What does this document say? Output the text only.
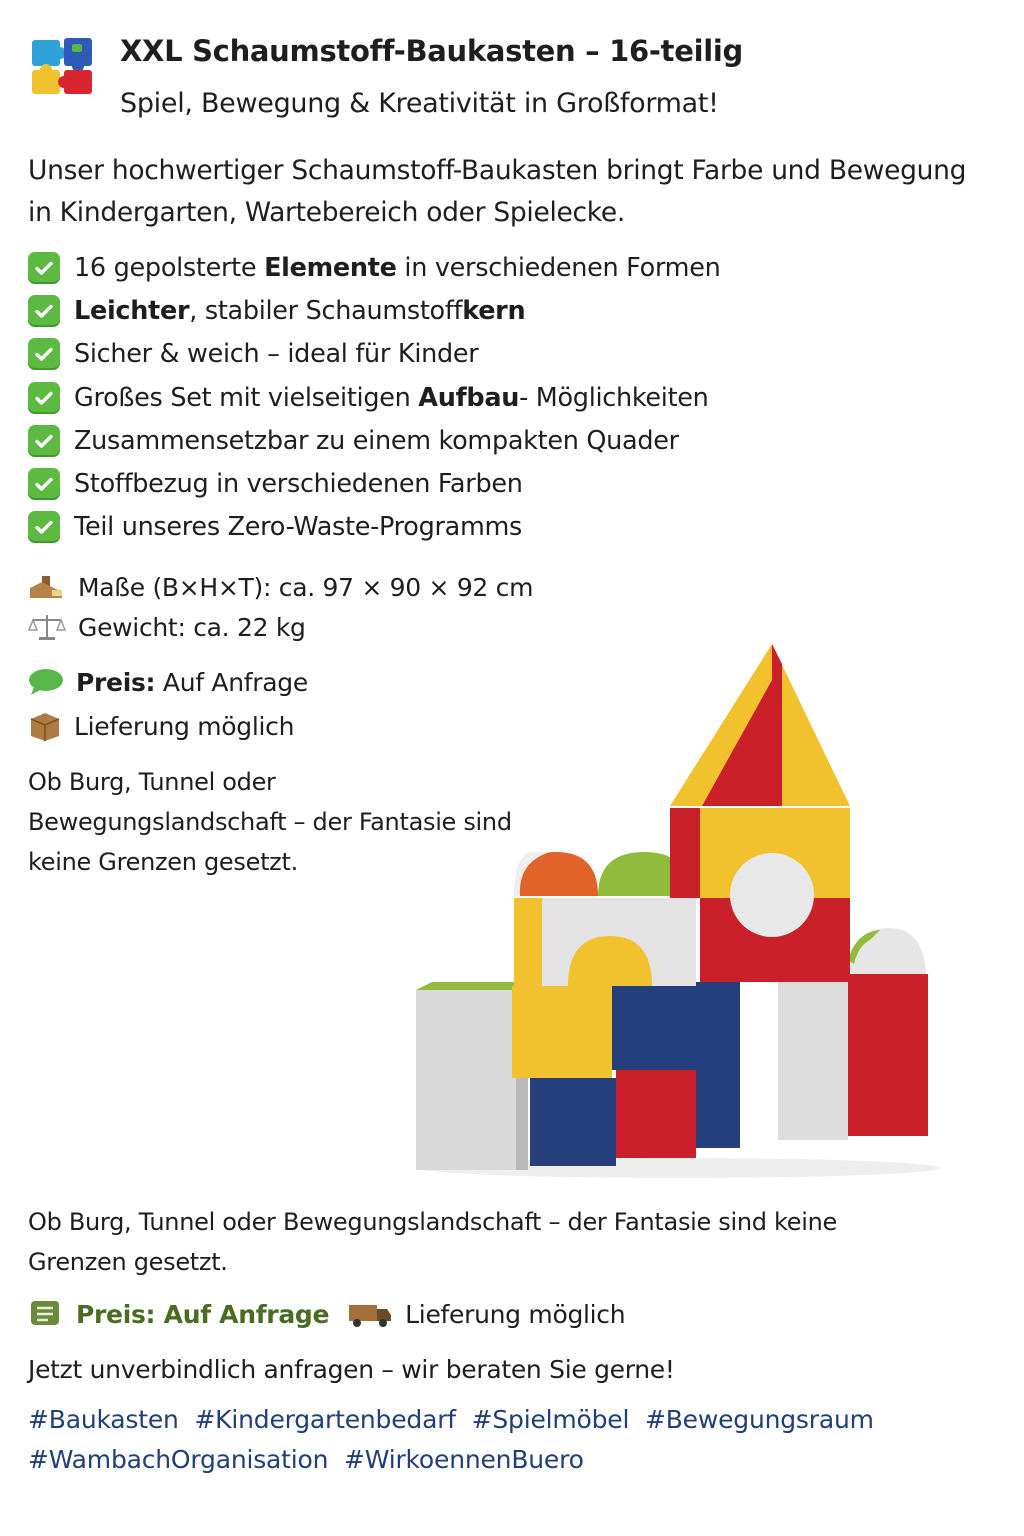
XXL Schaumstoff-Baukasten – 16-teilig
Spiel, Bewegung & Kreativität in Großformat!
Unser hochwertiger Schaumstoff-Baukasten bringt Farbe und Bewegung in Kindergarten, Wartebereich oder Spielecke.
16 gepolsterte Elemente in verschiedenen Formen
Leichter, stabiler Schaumstoffkern
Sicher & weich – ideal für Kinder
Großes Set mit vielseitigen Aufbau- Möglichkeiten
Zusammensetzbar zu einem kompakten Quader
Stoffbezug in verschiedenen Farben
Teil unseres Zero-Waste-Programms
Maße (B×H×T): ca. 97 × 90 × 92 cm
Gewicht: ca. 22 kg
Preis: Auf Anfrage
Lieferung möglich
Ob Burg, Tunnel oder Bewegungslandschaft – der Fantasie sind keine Grenzen gesetzt.
Ob Burg, Tunnel oder Bewegungslandschaft – der Fantasie sind keine Grenzen gesetzt.
Preis: Auf Anfrage	Lieferung möglich
Jetzt unverbindlich anfragen – wir beraten Sie gerne!
#Baukasten #Kindergartenbedarf #Spielmöbel #Bewegungsraum
#WambachOrganisation #WirkoennenBuero
